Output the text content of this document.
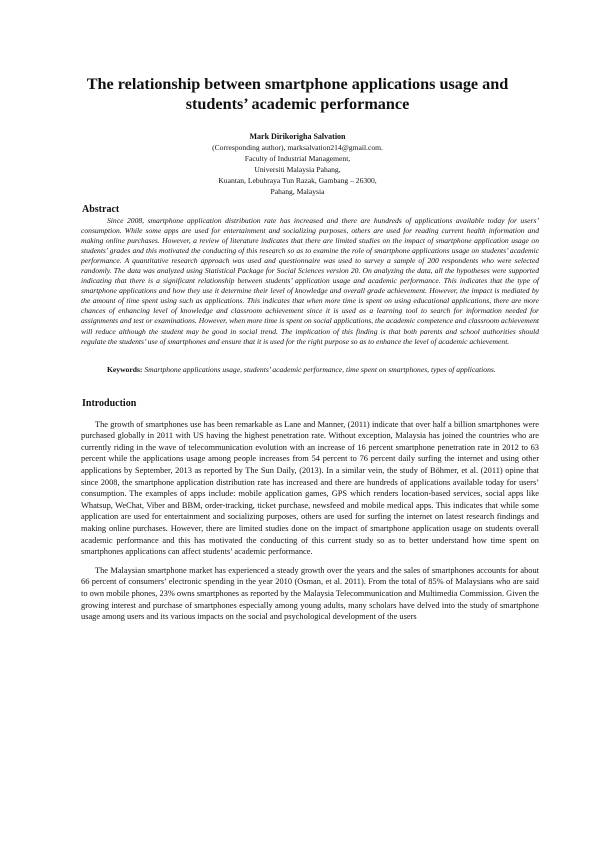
The relationship between smartphone applications usage and students’ academic performance
Mark Dirikorigha Salvation
(Corresponding author), marksalvation214@gmail.com.
Faculty of Industrial Management,
Universiti Malaysia Pahang,
Kuantan, Lebuhraya Tun Razak, Gambang – 26300,
Pahang, Malaysia
Abstract

Since 2008, smartphone application distribution rate has increased and there are hundreds of applications available today for users’ consumption. While some apps are used for entertainment and socializing purposes, others are used for reading current health information and making online purchases. However, a review of literature indicates that there are limited studies on the impact of smartphone application usage on students’ grades and this motivated the conducting of this research so as to examine the role of smartphone applications usage on students’ academic performance. A quantitative research approach was used and questionnaire was used to survey a sample of 200 respondents who were selected randomly. The data was analyzed using Statistical Package for Social Sciences version 20. On analyzing the data, all the hypotheses were supported indicating that there is a significant relationship between students’ application usage and academic performance. This indicates that the type of smartphone applications and how they use it determine their level of knowledge and overall grade achievement. However, the impact is mediated by the amount of time spent using such as applications. This indicates that when more time is spent on using educational applications, there are more chances of enhancing level of knowledge and classroom achievement since it is used as a learning tool to search for information needed for assignments and test or examinations. However, when more time is spent on social applications, the academic competence and classroom achievement will reduce although the student may be good in social trend. The implication of this finding is that both parents and school authorities should regulate the students’ use of smartphones and ensure that it is used for the right purpose so as to enhance the level of academic achievement.

Keywords: Smartphone applications usage, students’ academic performance, time spent on smartphones, types of applications.

Introduction

The growth of smartphones use has been remarkable as Lane and Manner, (2011) indicate that over half a billion smartphones were purchased globally in 2011 with US having the highest penetration rate. Without exception, Malaysia has joined the countries who are currently riding in the wave of telecommunication evolution with an increase of 16 percent smartphone penetration rate in 2012 to 63 percent while the applications usage among people increases from 54 percent to 76 percent daily surfing the internet and using other applications by September, 2013 as reported by The Sun Daily, (2013). In a similar vein, the study of Böhmer, et al. (2011) opine that since 2008, the smartphone application distribution rate has increased and there are hundreds of applications available today for users’ consumption. The examples of apps include: mobile application games, GPS which renders location-based services, social apps like Whatsup, WeChat, Viber and BBM, order-tracking, ticket purchase, newsfeed and mobile medical apps. This indicates that while some application are used for entertainment and socializing purposes, others are used for surfing the internet on latest research findings and making online purchases. However, there are limited studies done on the impact of smartphone application usage on students overall academic performance and this has motivated the conducting of this current study so as to better understand how time spent on smartphones applications can affect students’ academic performance.

The Malaysian smartphone market has experienced a steady growth over the years and the sales of smartphones accounts for about 66 percent of consumers’ electronic spending in the year 2010 (Osman, et al. 2011). From the total of 85% of Malaysians who are said to own mobile phones, 23% owns smartphones as reported by the Malaysia Telecommunication and Multimedia Commission. Given the growing interest and purchase of smartphones especially among young adults, many scholars have delved into the study of smartphone usage among users and its various impacts on the social and psychological development of the users
